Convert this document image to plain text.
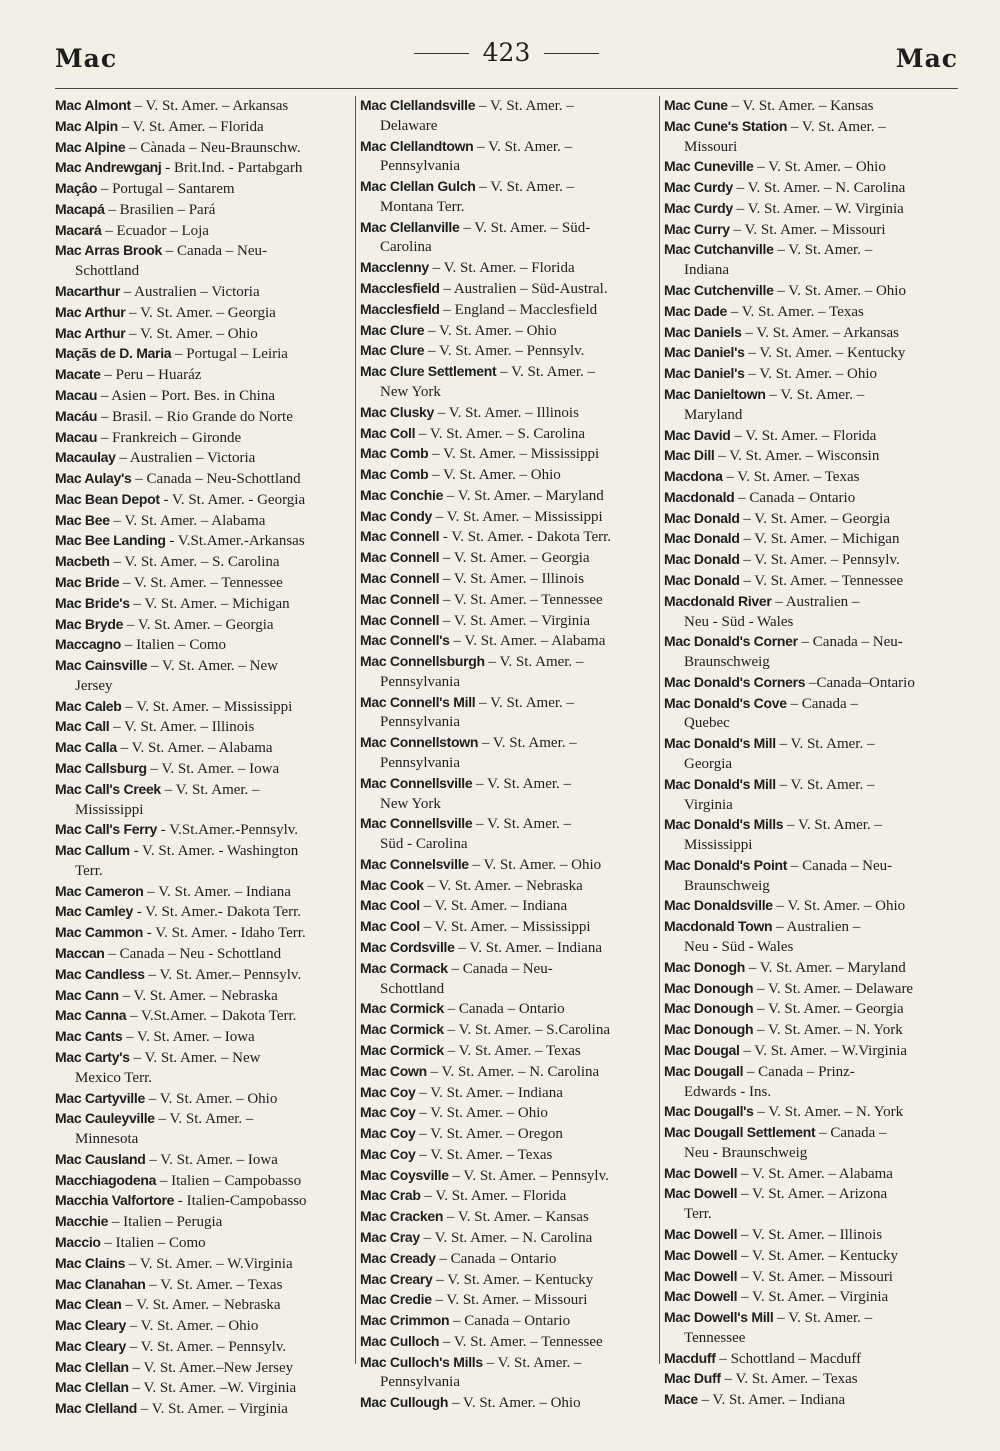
Mac	423	Mac
Mac Almont – V. St. Amer. – Arkansas
Mac Alpin – V. St. Amer. – Florida
Mac Alpine – Cànada – Neu-Braunschw.
Mac Andrewganj - Brit.Ind. - Partabgarh
Maçâo – Portugal – Santarem
Macapá – Brasilien – Pará
Macará – Ecuador – Loja
Mac Arras Brook – Canada – Neu-
Schottland
Macarthur – Australien – Victoria
Mac Arthur – V. St. Amer. – Georgia
Mac Arthur – V. St. Amer. – Ohio
Maçãs de D. Maria – Portugal – Leiria
Macate – Peru – Huaráz
Macau – Asien – Port. Bes. in China
Macáu – Brasil. – Rio Grande do Norte
Macau – Frankreich – Gironde
Macaulay – Australien – Victoria
Mac Aulay's – Canada – Neu-Schottland
Mac Bean Depot - V. St. Amer. - Georgia
Mac Bee – V. St. Amer. – Alabama
Mac Bee Landing - V.St.Amer.-Arkansas
Macbeth – V. St. Amer. – S. Carolina
Mac Bride – V. St. Amer. – Tennessee
Mac Bride's – V. St. Amer. – Michigan
Mac Bryde – V. St. Amer. – Georgia
Maccagno – Italien – Como
Mac Cainsville – V. St. Amer. – New
Jersey
Mac Caleb – V. St. Amer. – Mississippi
Mac Call – V. St. Amer. – Illinois
Mac Calla – V. St. Amer. – Alabama
Mac Callsburg – V. St. Amer. – Iowa
Mac Call's Creek – V. St. Amer. –
Mississippi
Mac Call's Ferry - V.St.Amer.-Pennsylv.
Mac Callum - V. St. Amer. - Washington
Terr.
Mac Cameron – V. St. Amer. – Indiana
Mac Camley - V. St. Amer.- Dakota Terr.
Mac Cammon - V. St. Amer. - Idaho Terr.
Maccan – Canada – Neu - Schottland
Mac Candless – V. St. Amer.– Pennsylv.
Mac Cann – V. St. Amer. – Nebraska
Mac Canna – V.St.Amer. – Dakota Terr.
Mac Cants – V. St. Amer. – Iowa
Mac Carty's – V. St. Amer. – New
Mexico Terr.
Mac Cartyville – V. St. Amer. – Ohio
Mac Cauleyville – V. St. Amer. –
Minnesota
Mac Causland – V. St. Amer. – Iowa
Macchiagodena – Italien – Campobasso
Macchia Valfortore - Italien-Campobasso
Macchie – Italien – Perugia
Maccio – Italien – Como
Mac Clains – V. St. Amer. – W.Virginia
Mac Clanahan – V. St. Amer. – Texas
Mac Clean – V. St. Amer. – Nebraska
Mac Cleary – V. St. Amer. – Ohio
Mac Cleary – V. St. Amer. – Pennsylv.
Mac Clellan – V. St. Amer.–New Jersey
Mac Clellan – V. St. Amer. –W. Virginia
Mac Clelland – V. St. Amer. – Virginia
Mac Clellandsville – V. St. Amer. –
Delaware
Mac Clellandtown – V. St. Amer. –
Pennsylvania
Mac Clellan Gulch – V. St. Amer. –
Montana Terr.
Mac Clellanville – V. St. Amer. – Süd-
Carolina
Macclenny – V. St. Amer. – Florida
Macclesfield – Australien – Süd-Austral.
Macclesfield – England – Macclesfield
Mac Clure – V. St. Amer. – Ohio
Mac Clure – V. St. Amer. – Pennsylv.
Mac Clure Settlement – V. St. Amer. –
New York
Mac Clusky – V. St. Amer. – Illinois
Mac Coll – V. St. Amer. – S. Carolina
Mac Comb – V. St. Amer. – Mississippi
Mac Comb – V. St. Amer. – Ohio
Mac Conchie – V. St. Amer. – Maryland
Mac Condy – V. St. Amer. – Mississippi
Mac Connell - V. St. Amer. - Dakota Terr.
Mac Connell – V. St. Amer. – Georgia
Mac Connell – V. St. Amer. – Illinois
Mac Connell – V. St. Amer. – Tennessee
Mac Connell – V. St. Amer. – Virginia
Mac Connell's – V. St. Amer. – Alabama
Mac Connellsburgh – V. St. Amer. –
Pennsylvania
Mac Connell's Mill – V. St. Amer. –
Pennsylvania
Mac Connellstown – V. St. Amer. –
Pennsylvania
Mac Connellsville – V. St. Amer. –
New York
Mac Connellsville – V. St. Amer. –
Süd - Carolina
Mac Connelsville – V. St. Amer. – Ohio
Mac Cook – V. St. Amer. – Nebraska
Mac Cool – V. St. Amer. – Indiana
Mac Cool – V. St. Amer. – Mississippi
Mac Cordsville – V. St. Amer. – Indiana
Mac Cormack – Canada – Neu-
Schottland
Mac Cormick – Canada – Ontario
Mac Cormick – V. St. Amer. – S.Carolina
Mac Cormick – V. St. Amer. – Texas
Mac Cown – V. St. Amer. – N. Carolina
Mac Coy – V. St. Amer. – Indiana
Mac Coy – V. St. Amer. – Ohio
Mac Coy – V. St. Amer. – Oregon
Mac Coy – V. St. Amer. – Texas
Mac Coysville – V. St. Amer. – Pennsylv.
Mac Crab – V. St. Amer. – Florida
Mac Cracken – V. St. Amer. – Kansas
Mac Cray – V. St. Amer. – N. Carolina
Mac Cready – Canada – Ontario
Mac Creary – V. St. Amer. – Kentucky
Mac Credie – V. St. Amer. – Missouri
Mac Crimmon – Canada – Ontario
Mac Culloch – V. St. Amer. – Tennessee
Mac Culloch's Mills – V. St. Amer. –
Pennsylvania
Mac Cullough – V. St. Amer. – Ohio
Mac Cune – V. St. Amer. – Kansas
Mac Cune's Station – V. St. Amer. –
Missouri
Mac Cuneville – V. St. Amer. – Ohio
Mac Curdy – V. St. Amer. – N. Carolina
Mac Curdy – V. St. Amer. – W. Virginia
Mac Curry – V. St. Amer. – Missouri
Mac Cutchanville – V. St. Amer. –
Indiana
Mac Cutchenville – V. St. Amer. – Ohio
Mac Dade – V. St. Amer. – Texas
Mac Daniels – V. St. Amer. – Arkansas
Mac Daniel's – V. St. Amer. – Kentucky
Mac Daniel's – V. St. Amer. – Ohio
Mac Danieltown – V. St. Amer. –
Maryland
Mac David – V. St. Amer. – Florida
Mac Dill – V. St. Amer. – Wisconsin
Macdona – V. St. Amer. – Texas
Macdonald – Canada – Ontario
Mac Donald – V. St. Amer. – Georgia
Mac Donald – V. St. Amer. – Michigan
Mac Donald – V. St. Amer. – Pennsylv.
Mac Donald – V. St. Amer. – Tennessee
Macdonald River – Australien –
Neu - Süd - Wales
Mac Donald's Corner – Canada – Neu-
Braunschweig
Mac Donald's Corners –Canada–Ontario
Mac Donald's Cove – Canada –
Quebec
Mac Donald's Mill – V. St. Amer. –
Georgia
Mac Donald's Mill – V. St. Amer. –
Virginia
Mac Donald's Mills – V. St. Amer. –
Mississippi
Mac Donald's Point – Canada – Neu-
Braunschweig
Mac Donaldsville – V. St. Amer. – Ohio
Macdonald Town – Australien –
Neu - Süd - Wales
Mac Donogh – V. St. Amer. – Maryland
Mac Donough – V. St. Amer. – Delaware
Mac Donough – V. St. Amer. – Georgia
Mac Donough – V. St. Amer. – N. York
Mac Dougal – V. St. Amer. – W.Virginia
Mac Dougall – Canada – Prinz-
Edwards - Ins.
Mac Dougall's – V. St. Amer. – N. York
Mac Dougall Settlement – Canada –
Neu - Braunschweig
Mac Dowell – V. St. Amer. – Alabama
Mac Dowell – V. St. Amer. – Arizona
Terr.
Mac Dowell – V. St. Amer. – Illinois
Mac Dowell – V. St. Amer. – Kentucky
Mac Dowell – V. St. Amer. – Missouri
Mac Dowell – V. St. Amer. – Virginia
Mac Dowell's Mill – V. St. Amer. –
Tennessee
Macduff – Schottland – Macduff
Mac Duff – V. St. Amer. – Texas
Mace – V. St. Amer. – Indiana
